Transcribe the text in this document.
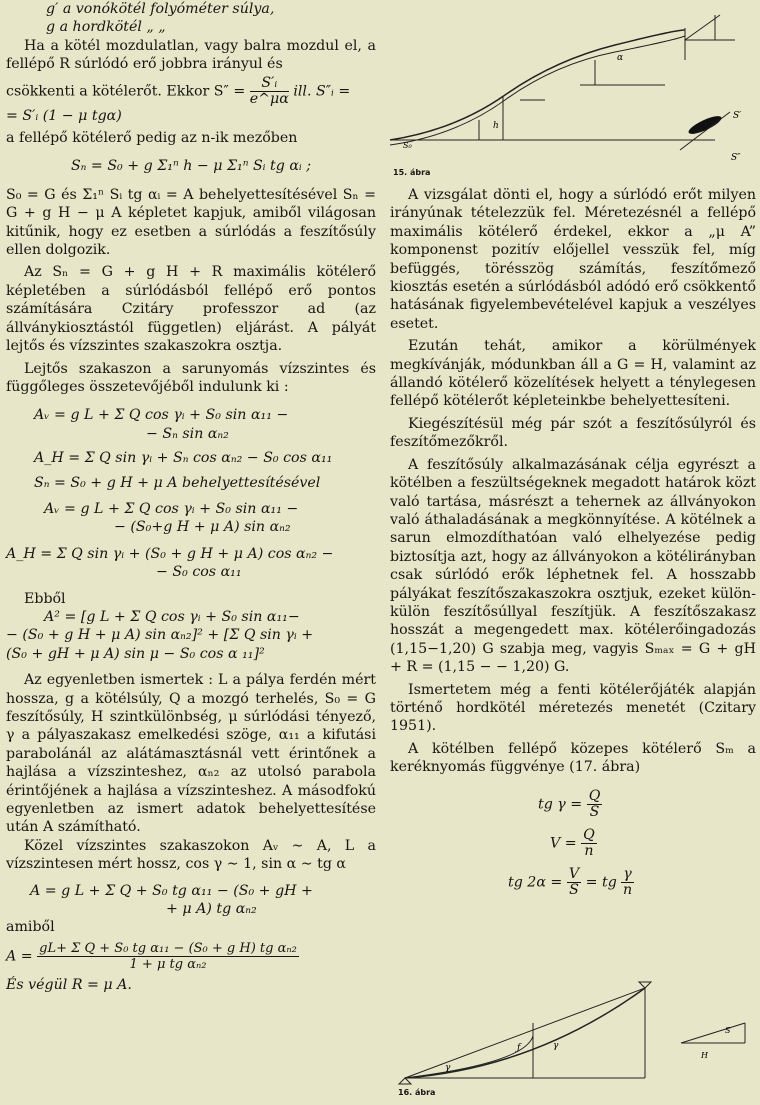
g′ a vonókötél folyóméter súlya,

g a hordkötél „ „

Ha a kötél mozdulatlan, vagy balra mozdul el, a fellépő R súrlódó erő jobbra irányul és

csökkenti a kötélerőt. Ekkor $S'' = \frac{\text{S′ᵢ}}{e\^{}\mu\alpha}$ ill. S″ᵢ =

= S′ᵢ (1 − μ tgα)

a fellépő kötélerő pedig az n-ik mezőben

Sₙ = S₀ + g Σ₁ⁿ h − μ Σ₁ⁿ Sᵢ tg αᵢ ;

S₀ = G és Σ₁ⁿ Sᵢ tg αᵢ = A behelyettesítésével Sₙ = G + g H − μ A képletet kapjuk, amiből világosan kitűnik, hogy ez esetben a súrlódás a feszítősúly ellen dolgozik.

Az Sₙ = G + g H + R maximális kötélerő képletében a súrlódásból fellépő erő pontos számítására Czitáry professzor ad (az állványkiosztástól független) eljárást. A pályát lejtős és vízszintes szakaszokra osztja.

Lejtős szakaszon a sarunyomás vízszintes és függőleges összetevőjéből indulunk ki :

Aᵥ = g L + Σ Q cos γᵢ + S₀ sin α₁₁ −

− Sₙ sin αₙ₂

A_H = Σ Q sin γᵢ + Sₙ cos αₙ₂ − S₀ cos α₁₁

Sₙ = S₀ + g H + μ A behelyettesítésével

Aᵥ = g L + Σ Q cos γᵢ + S₀ sin α₁₁ −

− (S₀+g H + μ A) sin αₙ₂

A_H = Σ Q sin γᵢ + (S₀ + g H + μ A) cos αₙ₂ −

− S₀ cos α₁₁

Ebből

A² = [g L + Σ Q cos γᵢ + S₀ sin α₁₁−

− (S₀ + g H + μ A) sin αₙ₂]² + [Σ Q sin γᵢ +

(S₀ + gH + μ A) sin μ − S₀ cos α ₁₁]²

Az egyenletben ismertek : L a pálya ferdén mért hossza, g a kötélsúly, Q a mozgó terhelés, S₀ = G feszítősúly, H szintkülönbség, μ súrlódási tényező, γ a pályaszakasz emelkedési szöge, α₁₁ a kifutási parabolánál az alátámasztásnál vett érintőnek a hajlása a vízszinteshez, αₙ₂ az utolsó parabola érintőjének a hajlása a vízszinteshez. A másodfokú egyenletben az ismert adatok behelyettesítése után A számítható.

Közel vízszintes szakaszokon Aᵥ ∼ A, L a vízszintesen mért hossz, cos γ ∼ 1, sin α ∼ tg α

A = g L + Σ Q + S₀ tg α₁₁ − (S₀ + gH +

+ μ A) tg αₙ₂

amiből

$A = \frac{\text{gL+ Σ Q + S₀ tg α₁₁ − (S₀ + g H) tg αₙ₂}}{\text{1 + μ tg αₙ₂}}$

És végül R = μ A.

S₀
h
α
S′
S″
15. ábra

A vizsgálat dönti el, hogy a súrlódó erőt milyen irányúnak tételezzük fel. Méretezésnél a fellépő maximális kötélerő érdekel, ekkor a „μ A” komponenst pozitív előjellel vesszük fel, míg befüggés, törésszög számítás, feszítőmező kiosztás esetén a súrlódásból adódó erő csökkentő hatásának figyelembevételével kapjuk a veszélyes esetet.

Ezután tehát, amikor a körülmények megkívánják, módunkban áll a G = H, valamint az állandó kötélerő közelítések helyett a ténylegesen fellépő kötélerőt képleteinkbe behelyettesíteni.

Kiegészítésül még pár szót a feszítősúlyról és feszítőmezőkről.

A feszítősúly alkalmazásának célja egyrészt a kötélben a feszültségeknek megadott határok közt való tartása, másrészt a tehernek az állványokon való áthaladásának a megkönnyítése. A kötélnek a sarun elmozdíthatóan való elhelyezése pedig biztosítja azt, hogy az állványokon a kötélirányban csak súrlódó erők léphetnek fel. A hosszabb pályákat feszítőszakaszokra osztjuk, ezeket külön-külön feszítősúllyal feszítjük. A feszítőszakasz hosszát a megengedett max. kötélerőingadozás (1,15−1,20) G szabja meg, vagyis Sₘₐₓ = G + gH + R = (1,15 − − 1,20) G.

Ismertetem még a fenti kötélerőjáték alapján történő hordkötél méretezés menetét (Czitary 1951).

A kötélben fellépő közepes kötélerő Sₘ a keréknyomás függvénye (17. ábra)

tg $\gamma = \frac{Q}{S}$
$V = \frac{Q}{n}$
tg $2\alpha = \frac{V}{S}$ = tg $\frac{\gamma}{n}$
γ
ƒ	γ
S
H
16. ábra
